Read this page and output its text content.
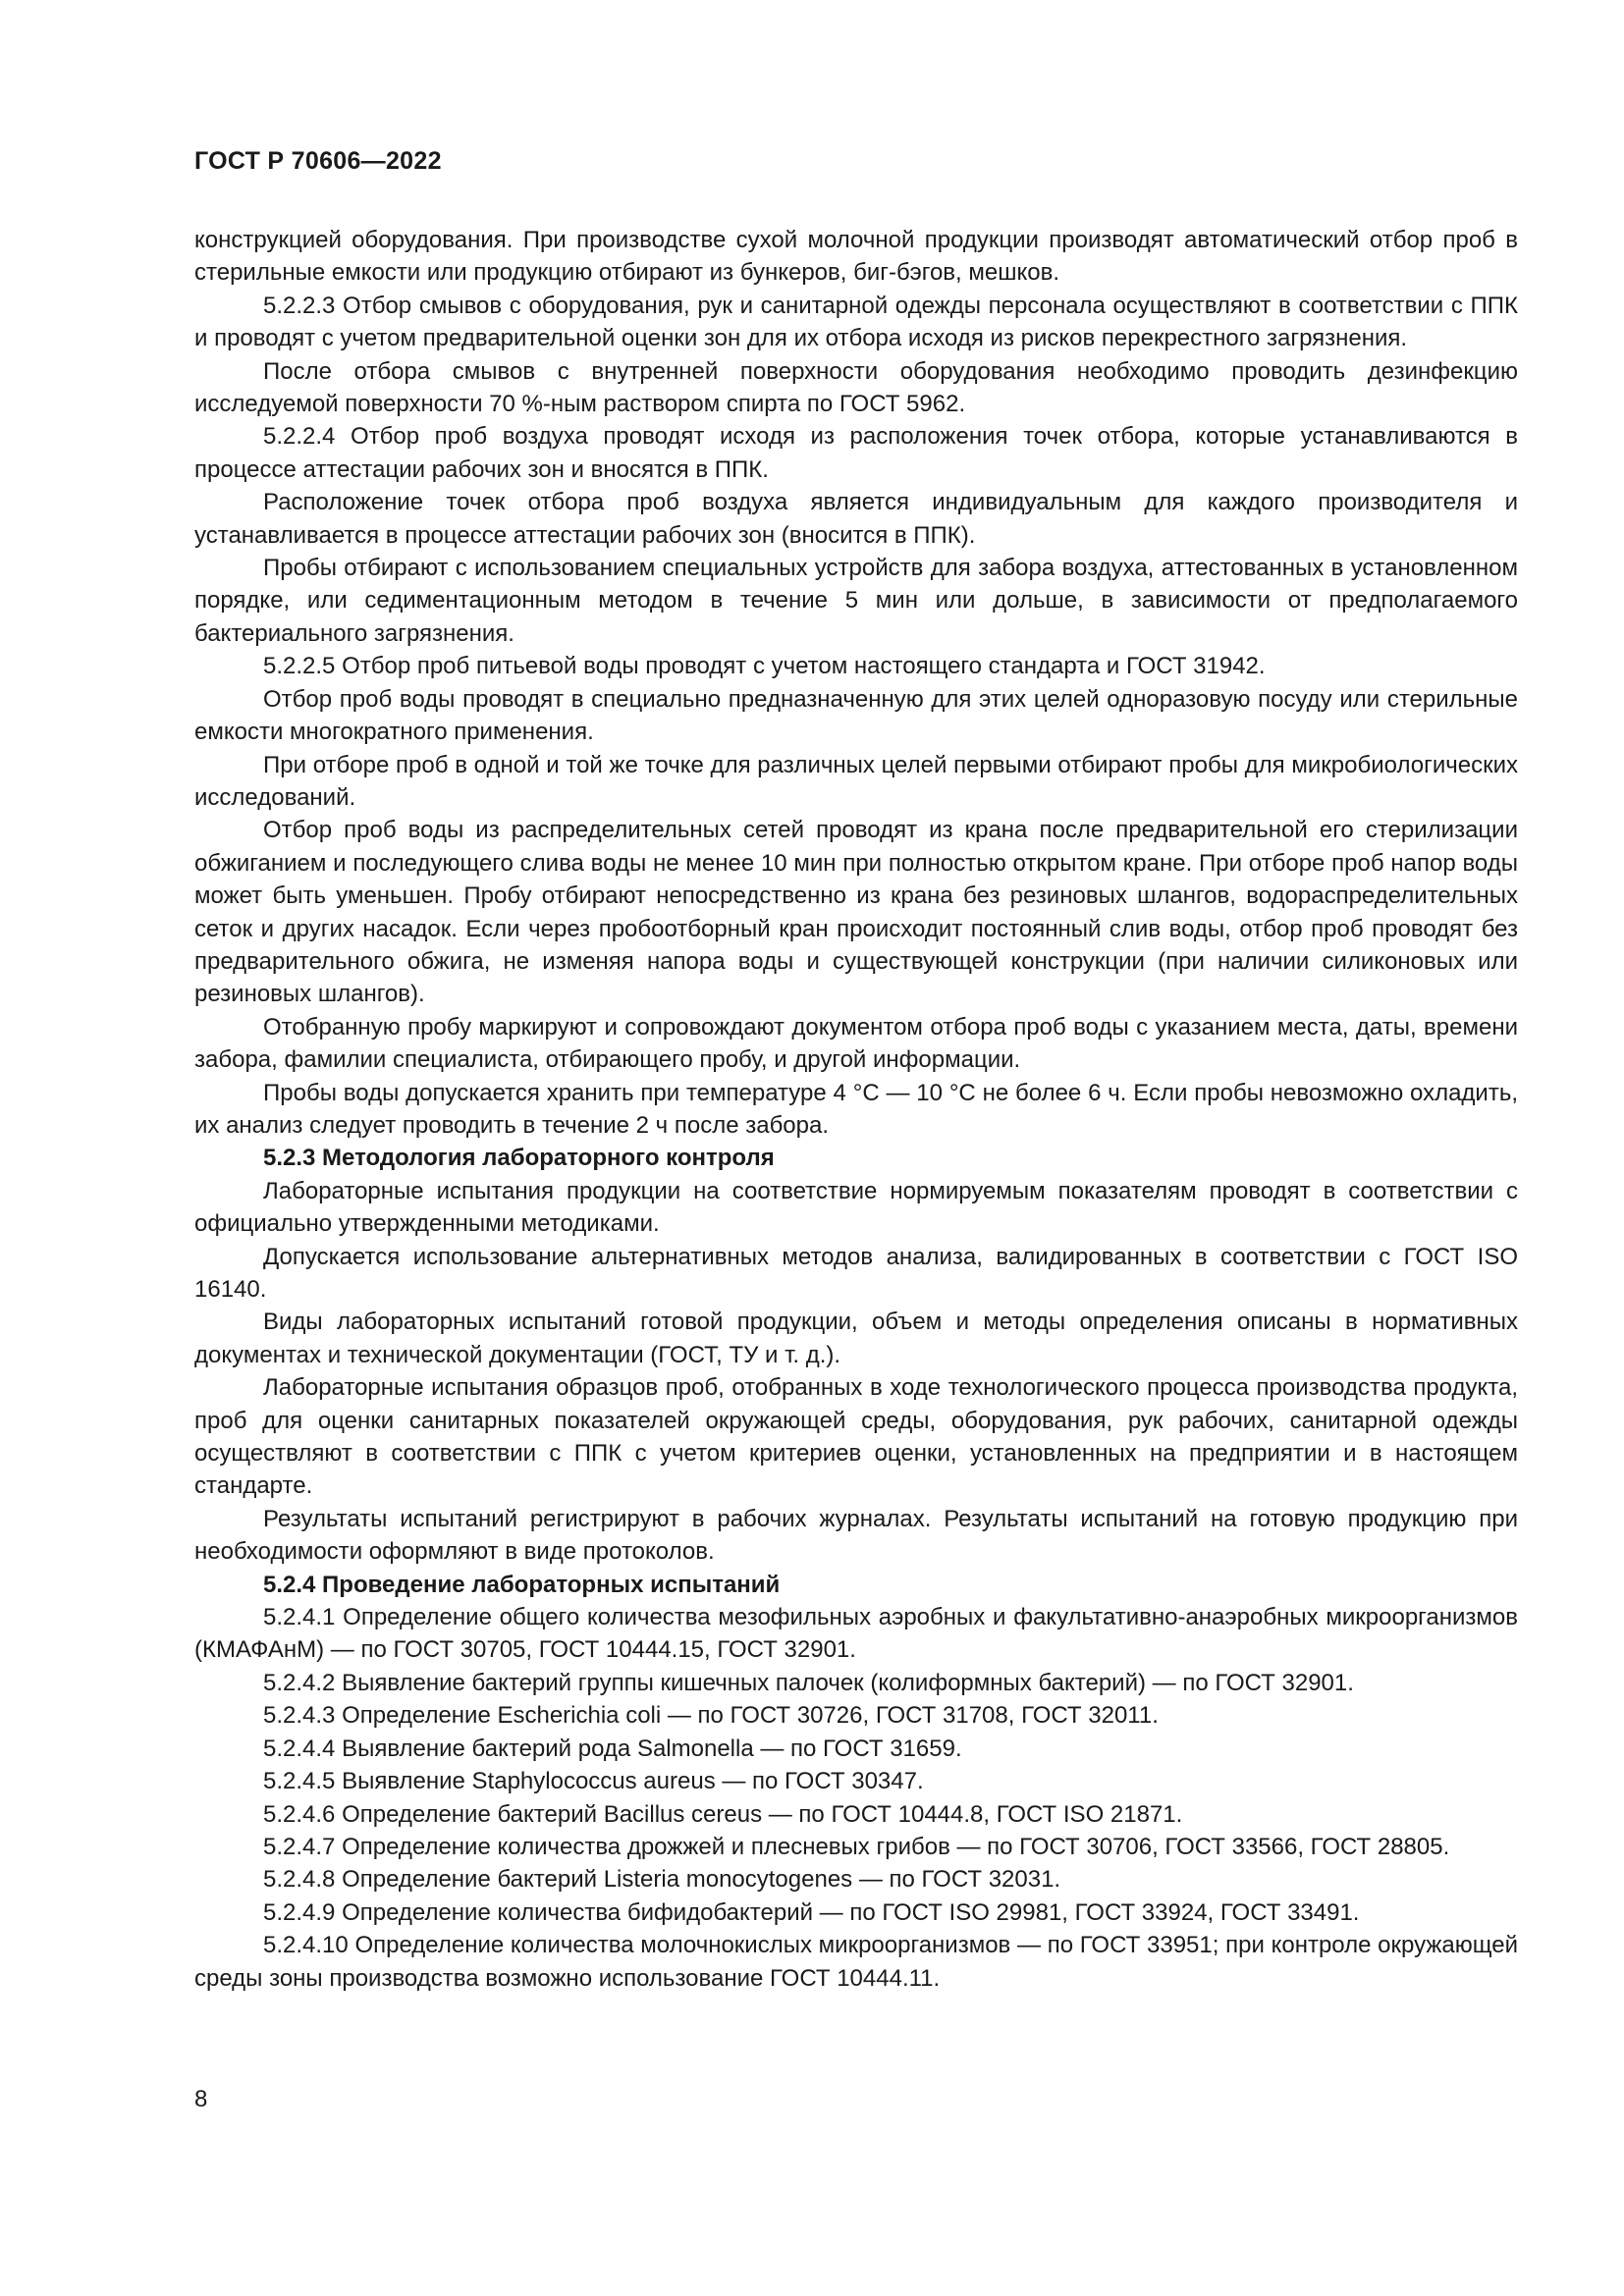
ГОСТ Р 70606—2022

конструкцией оборудования. При производстве сухой молочной продукции производят автоматический отбор проб в стерильные емкости или продукцию отбирают из бункеров, биг-бэгов, мешков.

5.2.2.3 Отбор смывов с оборудования, рук и санитарной одежды персонала осуществляют в соответствии с ППК и проводят с учетом предварительной оценки зон для их отбора исходя из рисков перекрестного загрязнения.

После отбора смывов с внутренней поверхности оборудования необходимо проводить дезинфекцию исследуемой поверхности 70 %-ным раствором спирта по ГОСТ 5962.

5.2.2.4 Отбор проб воздуха проводят исходя из расположения точек отбора, которые устанавливаются в процессе аттестации рабочих зон и вносятся в ППК.

Расположение точек отбора проб воздуха является индивидуальным для каждого производителя и устанавливается в процессе аттестации рабочих зон (вносится в ППК).

Пробы отбирают с использованием специальных устройств для забора воздуха, аттестованных в установленном порядке, или седиментационным методом в течение 5 мин или дольше, в зависимости от предполагаемого бактериального загрязнения.

5.2.2.5 Отбор проб питьевой воды проводят с учетом настоящего стандарта и ГОСТ 31942.

Отбор проб воды проводят в специально предназначенную для этих целей одноразовую посуду или стерильные емкости многократного применения.

При отборе проб в одной и той же точке для различных целей первыми отбирают пробы для микробиологических исследований.

Отбор проб воды из распределительных сетей проводят из крана после предварительной его стерилизации обжиганием и последующего слива воды не менее 10 мин при полностью открытом кране. При отборе проб напор воды может быть уменьшен. Пробу отбирают непосредственно из крана без резиновых шлангов, водораспределительных сеток и других насадок. Если через пробоотборный кран происходит постоянный слив воды, отбор проб проводят без предварительного обжига, не изменяя напора воды и существующей конструкции (при наличии силиконовых или резиновых шлангов).

Отобранную пробу маркируют и сопровождают документом отбора проб воды с указанием места, даты, времени забора, фамилии специалиста, отбирающего пробу, и другой информации.

Пробы воды допускается хранить при температуре 4 °С — 10 °С не более 6 ч. Если пробы невозможно охладить, их анализ следует проводить в течение 2 ч после забора.

5.2.3 Методология лабораторного контроля

Лабораторные испытания продукции на соответствие нормируемым показателям проводят в соответствии с официально утвержденными методиками.

Допускается использование альтернативных методов анализа, валидированных в соответствии с ГОСТ ISO 16140.

Виды лабораторных испытаний готовой продукции, объем и методы определения описаны в нормативных документах и технической документации (ГОСТ, ТУ и т. д.).

Лабораторные испытания образцов проб, отобранных в ходе технологического процесса производства продукта, проб для оценки санитарных показателей окружающей среды, оборудования, рук рабочих, санитарной одежды осуществляют в соответствии с ППК с учетом критериев оценки, установленных на предприятии и в настоящем стандарте.

Результаты испытаний регистрируют в рабочих журналах. Результаты испытаний на готовую продукцию при необходимости оформляют в виде протоколов.

5.2.4 Проведение лабораторных испытаний

5.2.4.1 Определение общего количества мезофильных аэробных и факультативно-анаэробных микроорганизмов (КМАФАнМ) — по ГОСТ 30705, ГОСТ 10444.15, ГОСТ 32901.

5.2.4.2 Выявление бактерий группы кишечных палочек (колиформных бактерий) — по ГОСТ 32901.

5.2.4.3 Определение Escherichia coli — по ГОСТ 30726, ГОСТ 31708, ГОСТ 32011.

5.2.4.4 Выявление бактерий рода Salmonella — по ГОСТ 31659.

5.2.4.5 Выявление Staphylococcus aureus — по ГОСТ 30347.

5.2.4.6 Определение бактерий Bacillus cereus — по ГОСТ 10444.8, ГОСТ ISO 21871.

5.2.4.7 Определение количества дрожжей и плесневых грибов — по ГОСТ 30706, ГОСТ 33566, ГОСТ 28805.

5.2.4.8 Определение бактерий Listeria monocytogenes — по ГОСТ 32031.

5.2.4.9 Определение количества бифидобактерий — по ГОСТ ISO 29981, ГОСТ 33924, ГОСТ 33491.

5.2.4.10 Определение количества молочнокислых микроорганизмов — по ГОСТ 33951; при контроле окружающей среды зоны производства возможно использование ГОСТ 10444.11.

8
